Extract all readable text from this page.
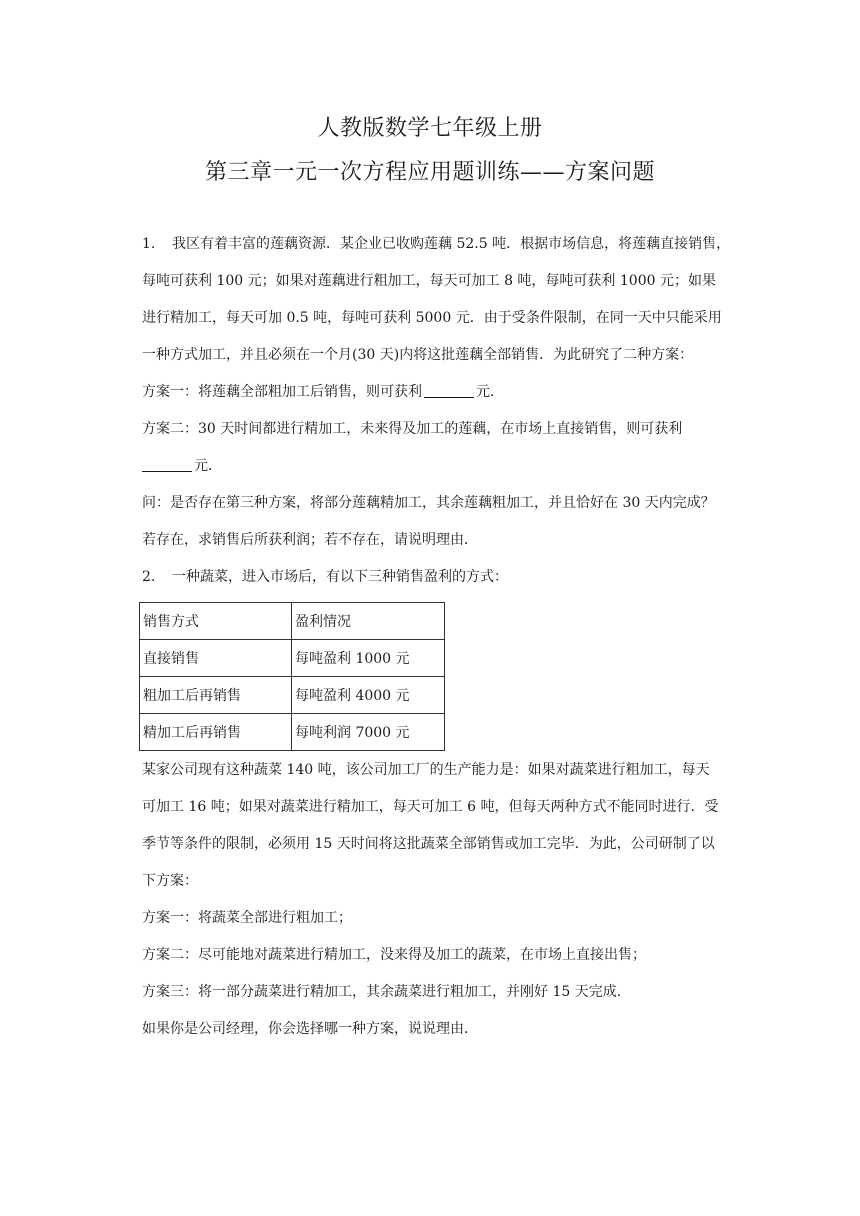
人教版数学七年级上册
第三章一元一次方程应用题训练——方案问题
1. 我区有着丰富的莲藕资源．某企业已收购莲藕 52.5 吨．根据市场信息，将莲藕直接销售，
每吨可获利 100 元；如果对莲藕进行粗加工，每天可加工 8 吨，每吨可获利 1000 元；如果
进行精加工，每天可加 0.5 吨，每吨可获利 5000 元．由于受条件限制，在同一天中只能采用
一种方式加工，并且必须在一个月(30 天)内将这批莲藕全部销售．为此研究了二种方案：
方案一：将莲藕全部粗加工后销售，则可获利	元．
方案二：30 天时间都进行精加工，未来得及加工的莲藕，在市场上直接销售，则可获利
元．
问：是否存在第三种方案，将部分莲藕精加工，其余莲藕粗加工，并且恰好在 30 天内完成？
若存在，求销售后所获利润；若不存在，请说明理由．
2. 一种蔬菜，进入市场后，有以下三种销售盈利的方式：
销售方式	盈利情况
直接销售	每吨盈利 1000 元
粗加工后再销售	每吨盈利 4000 元
精加工后再销售	每吨利润 7000 元
某家公司现有这种蔬菜 140 吨，该公司加工厂的生产能力是：如果对蔬菜进行粗加工，每天
可加工 16 吨；如果对蔬菜进行精加工，每天可加工 6 吨，但每天两种方式不能同时进行．受
季节等条件的限制，必须用 15 天时间将这批蔬菜全部销售或加工完毕．为此，公司研制了以
下方案：
方案一：将蔬菜全部进行粗加工；
方案二：尽可能地对蔬菜进行精加工，没来得及加工的蔬菜，在市场上直接出售；
方案三：将一部分蔬菜进行精加工，其余蔬菜进行粗加工，并刚好 15 天完成．
如果你是公司经理，你会选择哪一种方案，说说理由．
